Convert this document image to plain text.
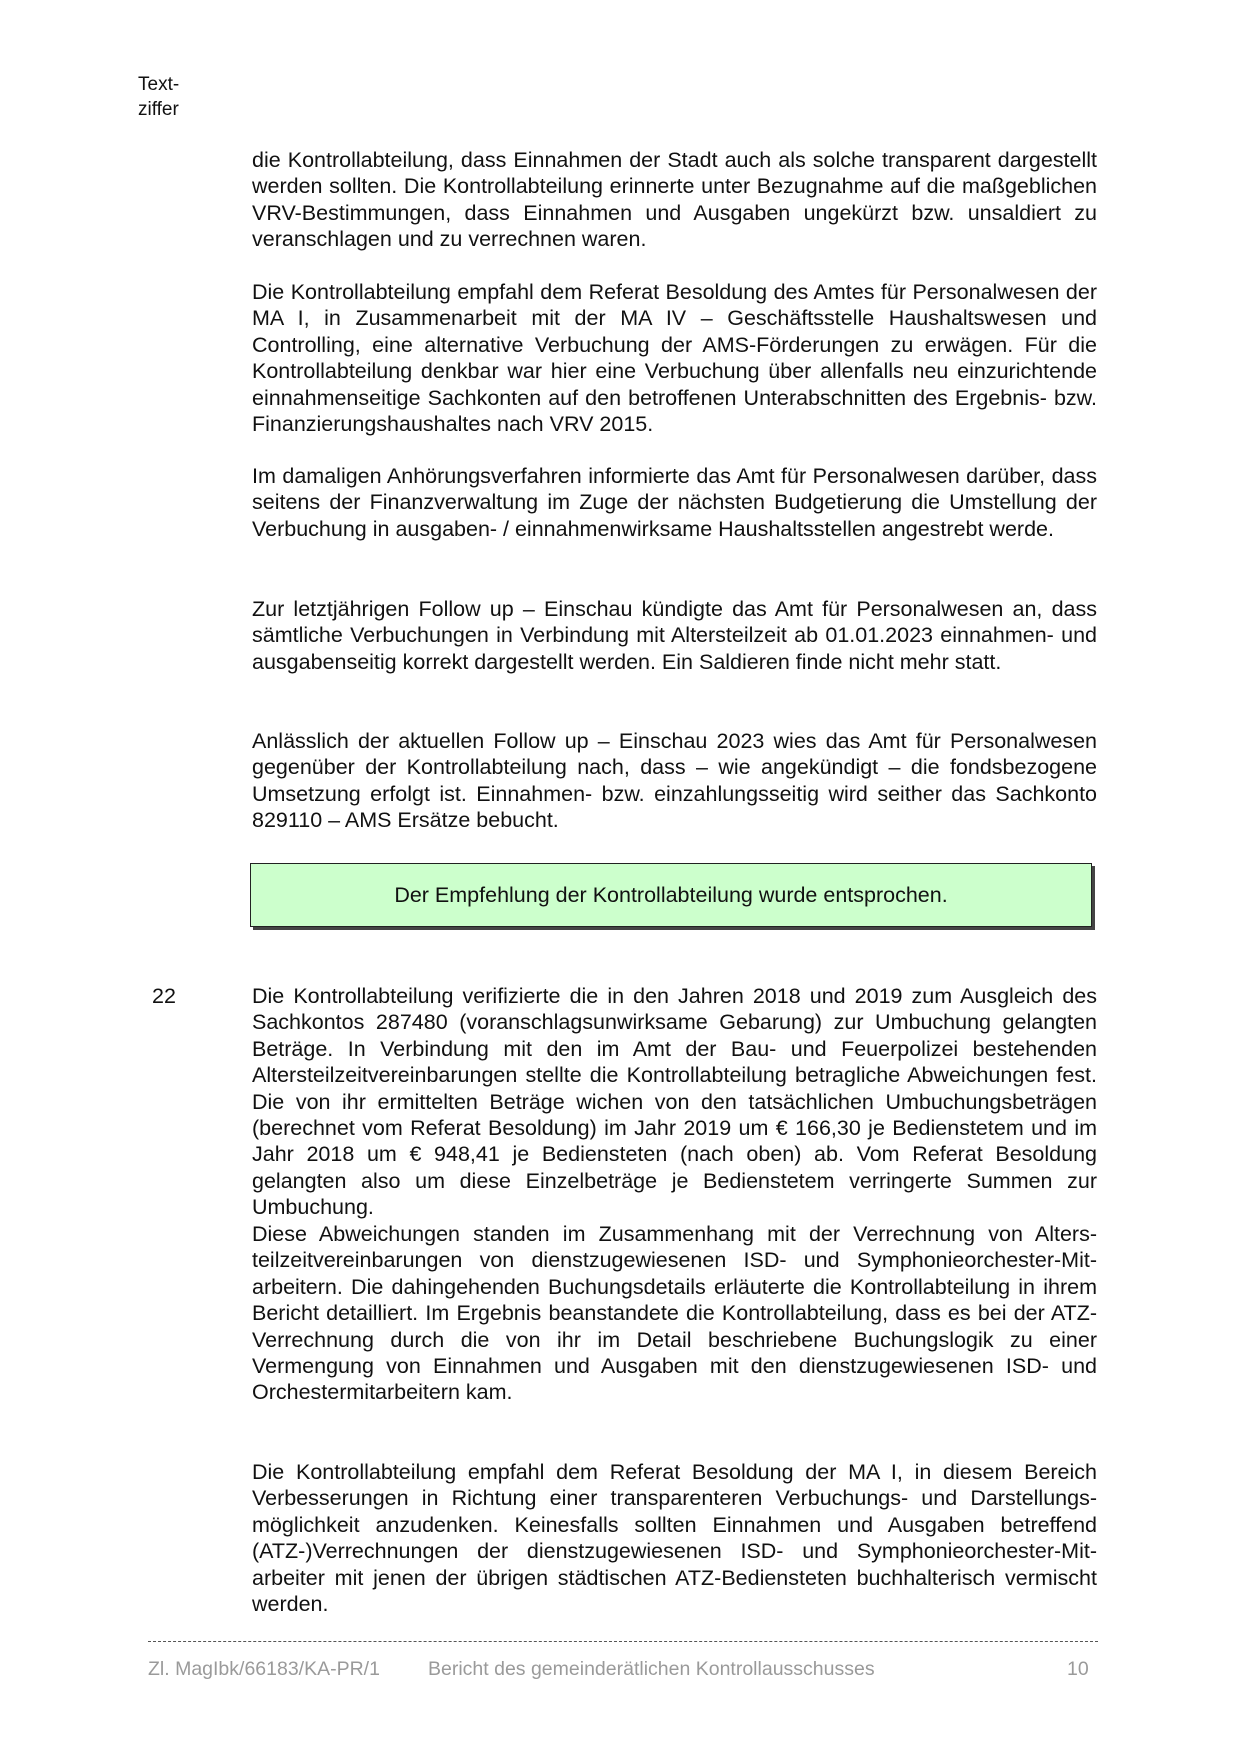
Text-
ziffer

die Kontrollabteilung, dass Einnahmen der Stadt auch als solche transparent dargestellt werden sollten. Die Kontrollabteilung erinnerte unter Bezugnahme auf die maßgeblichen VRV-Bestimmungen, dass Einnahmen und Ausgaben ungekürzt bzw. unsaldiert zu veranschlagen und zu verrechnen waren.

Die Kontrollabteilung empfahl dem Referat Besoldung des Amtes für Personalwesen der MA I, in Zusammenarbeit mit der MA IV – Geschäftsstelle Haushaltswesen und Controlling, eine alternative Verbuchung der AMS-Förderungen zu erwägen. Für die Kontrollabteilung denkbar war hier eine Verbuchung über allenfalls neu einzurichtende einnahmenseitige Sachkonten auf den betroffenen Unterabschnitten des Ergebnis- bzw. Finanzierungshaushaltes nach VRV 2015.

Im damaligen Anhörungsverfahren informierte das Amt für Personalwesen darüber, dass seitens der Finanzverwaltung im Zuge der nächsten Budgetierung die Umstellung der Verbuchung in ausgaben- / einnahmenwirksame Haushaltsstellen angestrebt werde.

Zur letztjährigen Follow up – Einschau kündigte das Amt für Personalwesen an, dass sämtliche Verbuchungen in Verbindung mit Altersteilzeit ab 01.01.2023 einnahmen- und ausgabenseitig korrekt dargestellt werden. Ein Saldieren finde nicht mehr statt.

Anlässlich der aktuellen Follow up – Einschau 2023 wies das Amt für Personalwesen gegenüber der Kontrollabteilung nach, dass – wie angekündigt – die fondsbezogene Umsetzung erfolgt ist. Einnahmen- bzw. einzahlungsseitig wird seither das Sachkonto 829110 – AMS Ersätze bebucht.

Der Empfehlung der Kontrollabteilung wurde entsprochen.
22	Die Kontrollabteilung verifizierte die in den Jahren 2018 und 2019 zum Ausgleich des Sachkontos 287480 (voranschlagsunwirksame Gebarung) zur Umbuchung gelangten Beträge. In Verbindung mit den im Amt der Bau- und Feuerpolizei bestehenden Altersteilzeitvereinbarungen stellte die Kontrollabteilung betragliche Abweichungen fest. Die von ihr ermittelten Beträge wichen von den tatsächlichen Umbuchungsbeträgen (berechnet vom Referat Besoldung) im Jahr 2019 um € 166,30 je Bedienstetem und im Jahr 2018 um € 948,41 je Bediensteten (nach oben) ab. Vom Referat Besoldung gelangten also um diese Einzelbeträge je Bedienstetem verringerte Summen zur Umbuchung.

Diese Abweichungen standen im Zusammenhang mit der Verrechnung von Altersteilzeitvereinbarungen von dienstzugewiesenen ISD- und Symphonieorchester-Mitarbeitern. Die dahingehenden Buchungsdetails erläuterte die Kontrollabteilung in ihrem Bericht detailliert. Im Ergebnis beanstandete die Kontrollabteilung, dass es bei der ATZ-Verrechnung durch die von ihr im Detail beschriebene Buchungslogik zu einer Vermengung von Einnahmen und Ausgaben mit den dienstzugewiesenen ISD- und Orchestermitarbeitern kam.

Die Kontrollabteilung empfahl dem Referat Besoldung der MA I, in diesem Bereich Verbesserungen in Richtung einer transparenteren Verbuchungs- und Darstellungsmöglichkeit anzudenken. Keinesfalls sollten Einnahmen und Ausgaben betreffend (ATZ-)Verrechnungen der dienstzugewiesenen ISD- und Symphonieorchester-Mitarbeiter mit jenen der übrigen städtischen ATZ-Bediensteten buchhalterisch vermischt werden.

Zl. MagIbk/66183/KA-PR/1 Bericht des gemeinderätlichen Kontrollausschusses	10
